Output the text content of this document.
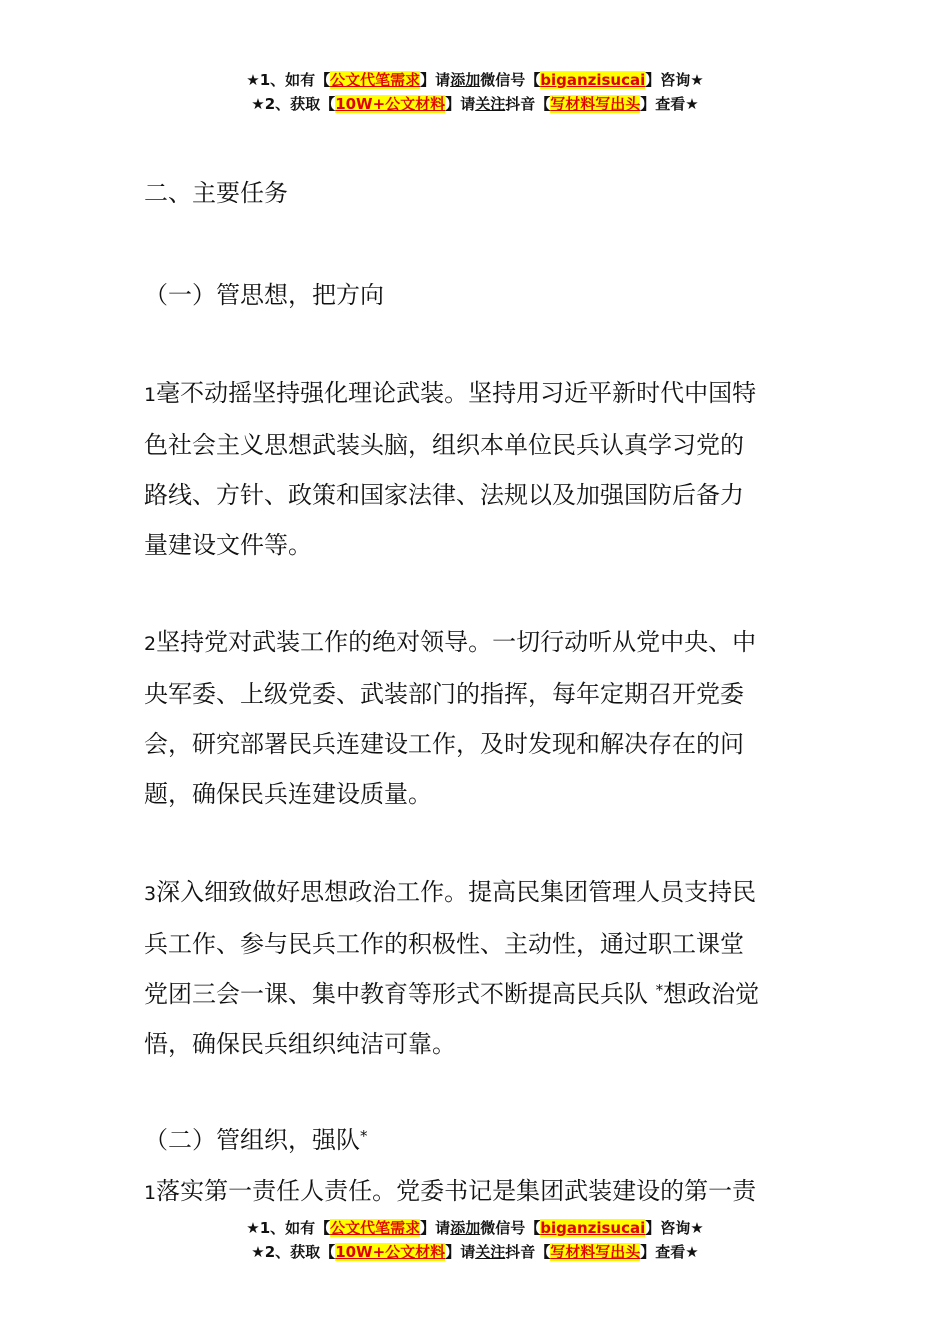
★1、如有【公文代笔需求】请添加微信号【biganzisucai】咨询★
★2、获取【10W+公文材料】请关注抖音【写材料写出头】查看★

二、主要任务

（一）管思想，把方向

1毫不动摇坚持强化理论武装。坚持用习近平新时代中国特
色社会主义思想武装头脑，组织本单位民兵认真学习党的
路线、方针、政策和国家法律、法规以及加强国防后备力
量建设文件等。
2坚持党对武装工作的绝对领导。一切行动听从党中央、中
央军委、上级党委、武装部门的指挥，每年定期召开党委
会，研究部署民兵连建设工作，及时发现和解决存在的问
题，确保民兵连建设质量。
3深入细致做好思想政治工作。提高民集团管理人员支持民
兵工作、参与民兵工作的积极性、主动性，通过职工课堂
党团三会一课、集中教育等形式不断提高民兵队 *想政治觉
悟，确保民兵组织纯洁可靠。

（二）管组织，强队*

1落实第一责任人责任。党委书记是集团武装建设的第一责
★1、如有【公文代笔需求】请添加微信号【biganzisucai】咨询★
★2、获取【10W+公文材料】请关注抖音【写材料写出头】查看★
